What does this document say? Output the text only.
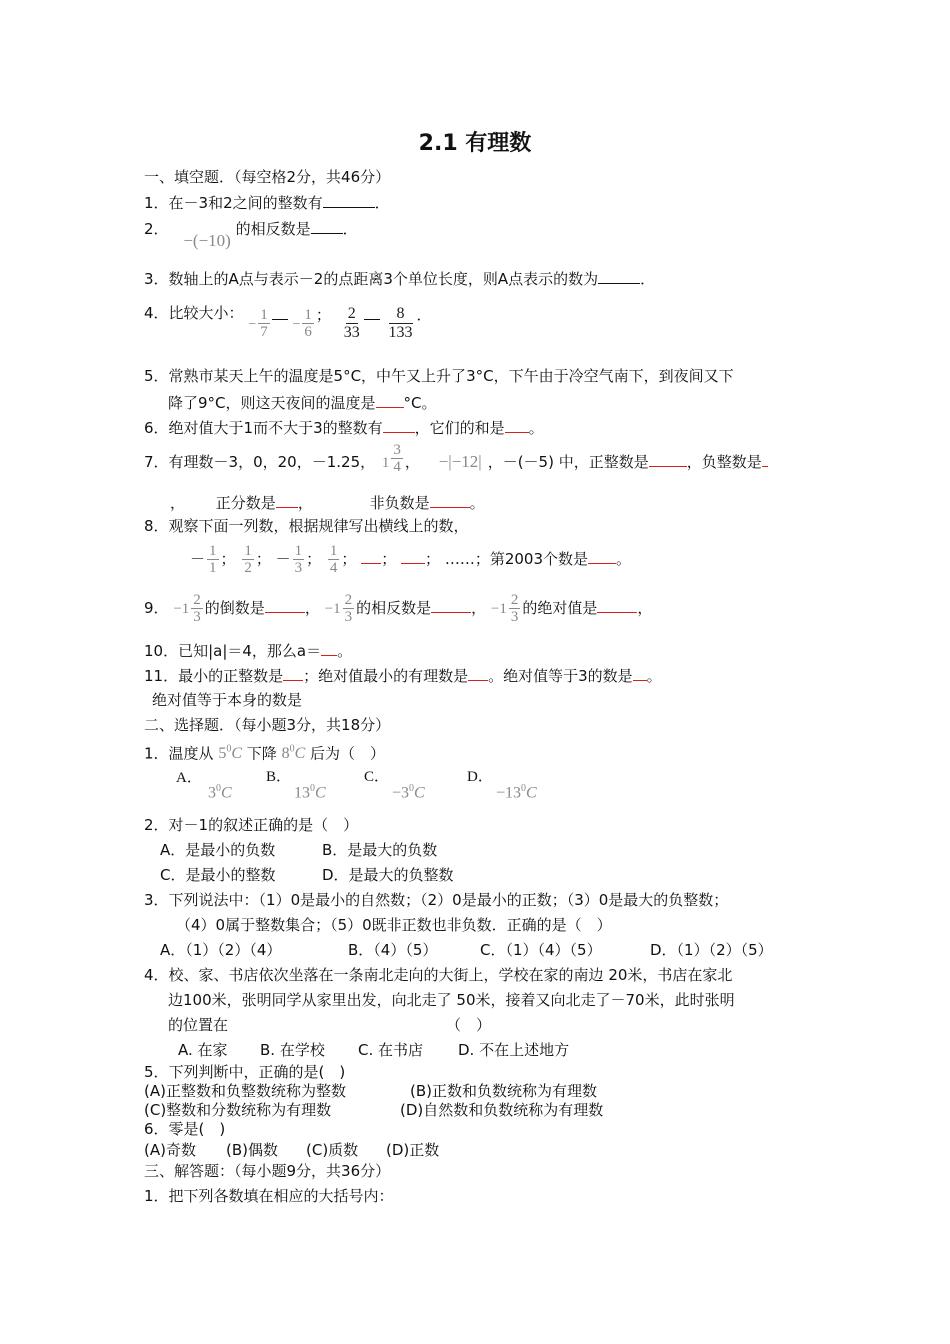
2.1 有理数
一、填空题．（每空格2分，共46分）
1．在－3和2之间的整数有	．
2． −(−10) 的相反数是 ．
3．数轴上的A点与表示－2的点距离3个单位长度，则A点表示的数为	．
4．比较大小： − $\frac{1}{7} - \frac{1}{6}$ ； $\frac{2}{33}$
$\frac{8}{133}$ ．
5．常熟市某天上午的温度是5°C，中午又上升了3°C，下午由于冷空气南下，到夜间又下
降了9°C，则这天夜间的温度是 °C。
6．绝对值大于1而不大于3的整数有 ，它们的和是 。
7．有理数－3，0，20，－1.25， $1 \frac{3}{4}$ ， −|−12| ，－(－5) 中，正整数是	，负整数是
， 正分数是 ，	非负数是	。
8．观察下面一列数，根据规律写出横线上的数，
－ $\frac{1}{1}$ ； $\frac{1}{2}$ ； － $\frac{1}{3}$ ； $\frac{1}{4}$ ； ； ； ……；第2003个数是 。
9． $-1 \frac{2}{3}$ 的倒数是	， $-1 \frac{2}{3}$ 的相反数是	， $-1 \frac{2}{3}$ 的绝对值是	，
10．已知|a|＝4，那么a＝ 。
11．最小的正整数是 ；绝对值最小的有理数是 。绝对值等于3的数是 。
绝对值等于本身的数是
二、选择题．（每小题3分，共18分）
1．温度从 $5^0C$ 下降 $8^0C$ 后为（　）
A．
$3^0C$
B．
$13^0C$
C．
$-3^0C$
D．
$-13^0C$
2．对－1的叙述正确的是（　）
A．是最小的负数	B．是最大的负数
C．是最小的整数	D．是最大的负整数
3．下列说法中：（1）0是最小的自然数；（2）0是最小的正数；（3）0是最大的负整数；
（4）0属于整数集合；（5）0既非正数也非负数．正确的是（　）
A．（1）（2）（4）	B．（4）（5）	C．（1）（4）（5）	D．（1）（2）（5）
4．校、家、书店依次坐落在一条南北走向的大街上，学校在家的南边 20米，书店在家北
边100米，张明同学从家里出发，向北走了 50米，接着又向北走了－70米，此时张明
的位置在	（　）
A. 在家 B. 在学校 C. 在书店 D. 不在上述地方
5．下列判断中，正确的是(　)
(A)正整数和负整数统称为整数	(B)正数和负数统称为有理数
(C)整数和分数统称为有理数	(D)自然数和负数统称为有理数
6．零是(　)
(A)奇数 (B)偶数 (C)质数 (D)正数
三、解答题：（每小题9分，共36分）
1．把下列各数填在相应的大括号内：
